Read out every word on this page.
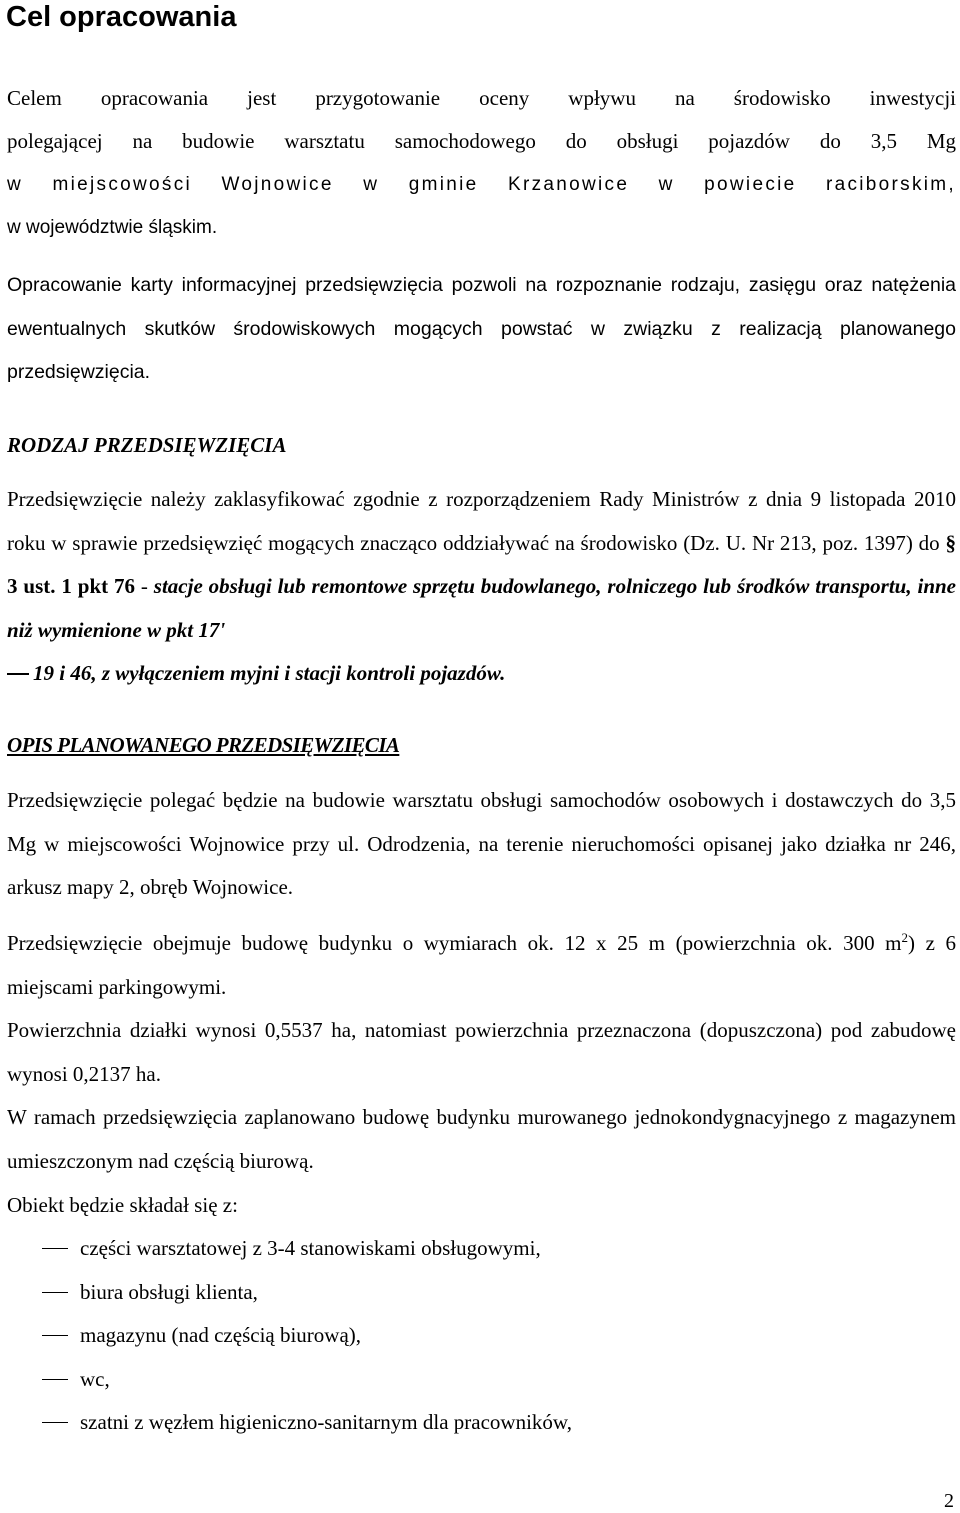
Cel opracowania

Celem opracowania jest przygotowanie oceny wpływu na środowisko inwestycji

polegającej na budowie warsztatu samochodowego do obsługi pojazdów do 3,5 Mg

w miejscowości Wojnowice w gminie Krzanowice w powiecie raciborskim,

w województwie śląskim.

Opracowanie karty informacyjnej przedsięwzięcia pozwoli na rozpoznanie rodzaju, zasięgu oraz natężenia ewentualnych skutków środowiskowych mogących powstać w związku z realizacją planowanego przedsięwzięcia.

RODZAJ PRZEDSIĘWZIĘCIA

Przedsięwzięcie należy zaklasyfikować zgodnie z rozporządzeniem Rady Ministrów z dnia 9 listopada 2010 roku w sprawie przedsięwzięć mogących znacząco oddziaływać na środowisko (Dz. U. Nr 213, poz. 1397) do § 3 ust. 1 pkt 76 - stacje obsługi lub remontowe sprzętu budowlanego, rolniczego lub środków transportu, inne niż wymienione w pkt 17'
19 i 46, z wyłączeniem myjni i stacji kontroli pojazdów.

OPIS PLANOWANEGO PRZEDSIĘWZIĘCIA

Przedsięwzięcie polegać będzie na budowie warsztatu obsługi samochodów osobowych i dostawczych do 3,5 Mg w miejscowości Wojnowice przy ul. Odrodzenia, na terenie nieruchomości opisanej jako działka nr 246, arkusz mapy 2, obręb Wojnowice.

Przedsięwzięcie obejmuje budowę budynku o wymiarach ok. 12 x 25 m (powierzchnia ok. 300 $m^2$) z 6 miejscami parkingowymi.

Powierzchnia działki wynosi 0,5537 ha, natomiast powierzchnia przeznaczona (dopuszczona) pod zabudowę wynosi 0,2137 ha.

W ramach przedsięwzięcia zaplanowano budowę budynku murowanego jednokondygnacyjnego z magazynem umieszczonym nad częścią biurową.

Obiekt będzie składał się z:

części warsztatowej z 3-4 stanowiskami obsługowymi,
biura obsługi klienta,
magazynu (nad częścią biurową),
wc,
szatni z węzłem higieniczno-sanitarnym dla pracowników,
2
